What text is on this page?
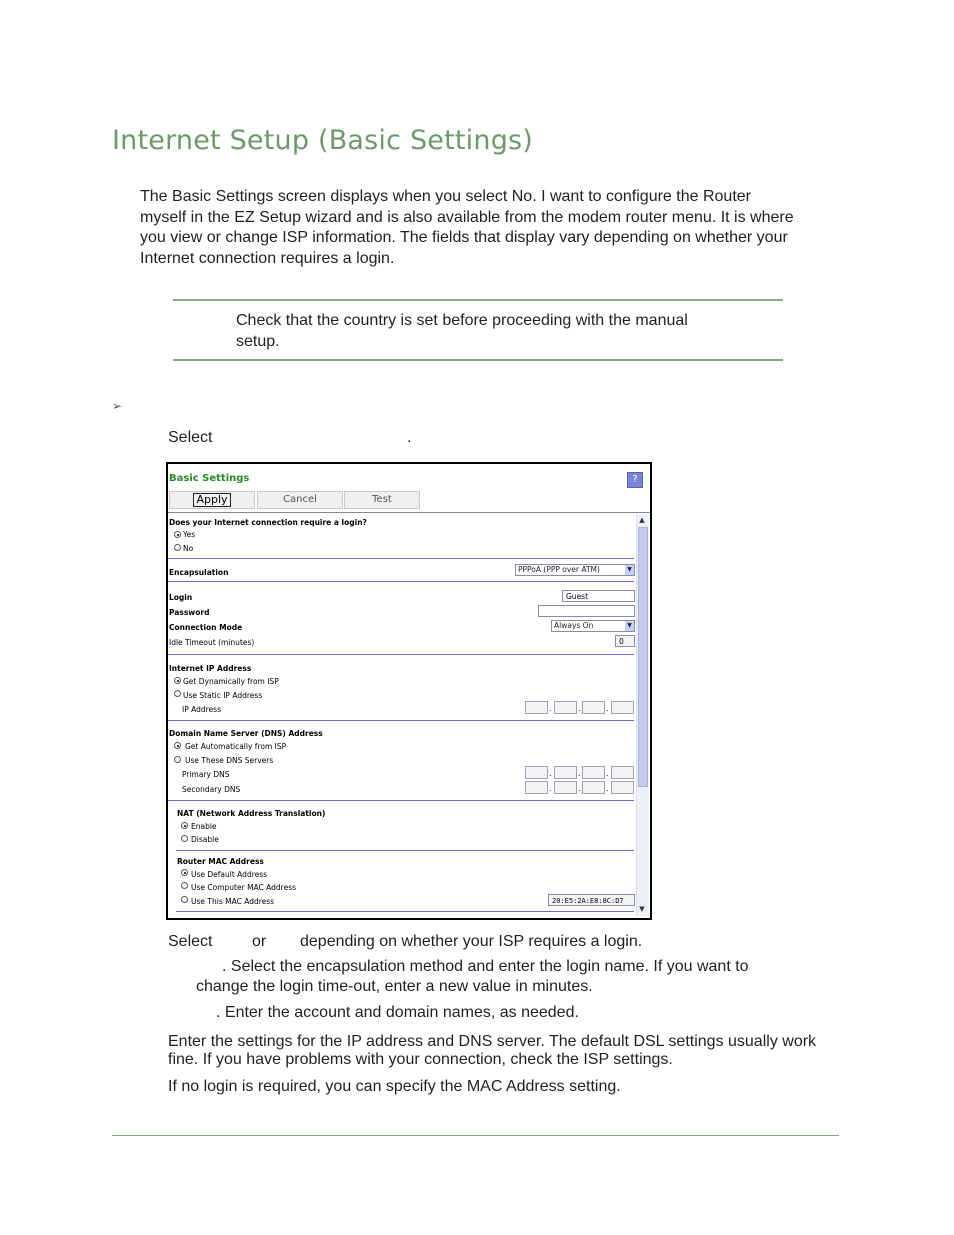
Internet Setup (Basic Settings)
The Basic Settings screen displays when you select No. I want to configure the Router
myself in the EZ Setup wizard and is also available from the modem router menu. It is where
you view or change ISP information. The fields that display vary depending on whether your
Internet connection requires a login.
Check that the country is set before proceeding with the manual
setup.
➢
Select	.
Basic Settings	?
Apply	Cancel	Test
▲
▼
Does your Internet connection require a login?
Yes
No
Encapsulation	PPPoA (PPP over ATM)	▼
Login	Guest
Password
Connection Mode	Always On	▼
Idle Timeout (minutes)	0
Internet IP Address
Get Dynamically from ISP
Use Static IP Address
IP Address	.	.	.
Domain Name Server (DNS) Address
Get Automatically from ISP
Use These DNS Servers
Primary DNS	.	.	.
Secondary DNS	.	.	.
NAT (Network Address Translation)
Enable
Disable
Router MAC Address
Use Default Address
Use Computer MAC Address
Use This MAC Address	20:E5:2A:E8:8C:D7
Select or depending on whether your ISP requires a login.
. Select the encapsulation method and enter the login name. If you want to
change the login time-out, enter a new value in minutes.
. Enter the account and domain names, as needed.
Enter the settings for the IP address and DNS server. The default DSL settings usually work
fine. If you have problems with your connection, check the ISP settings.
If no login is required, you can specify the MAC Address setting.
